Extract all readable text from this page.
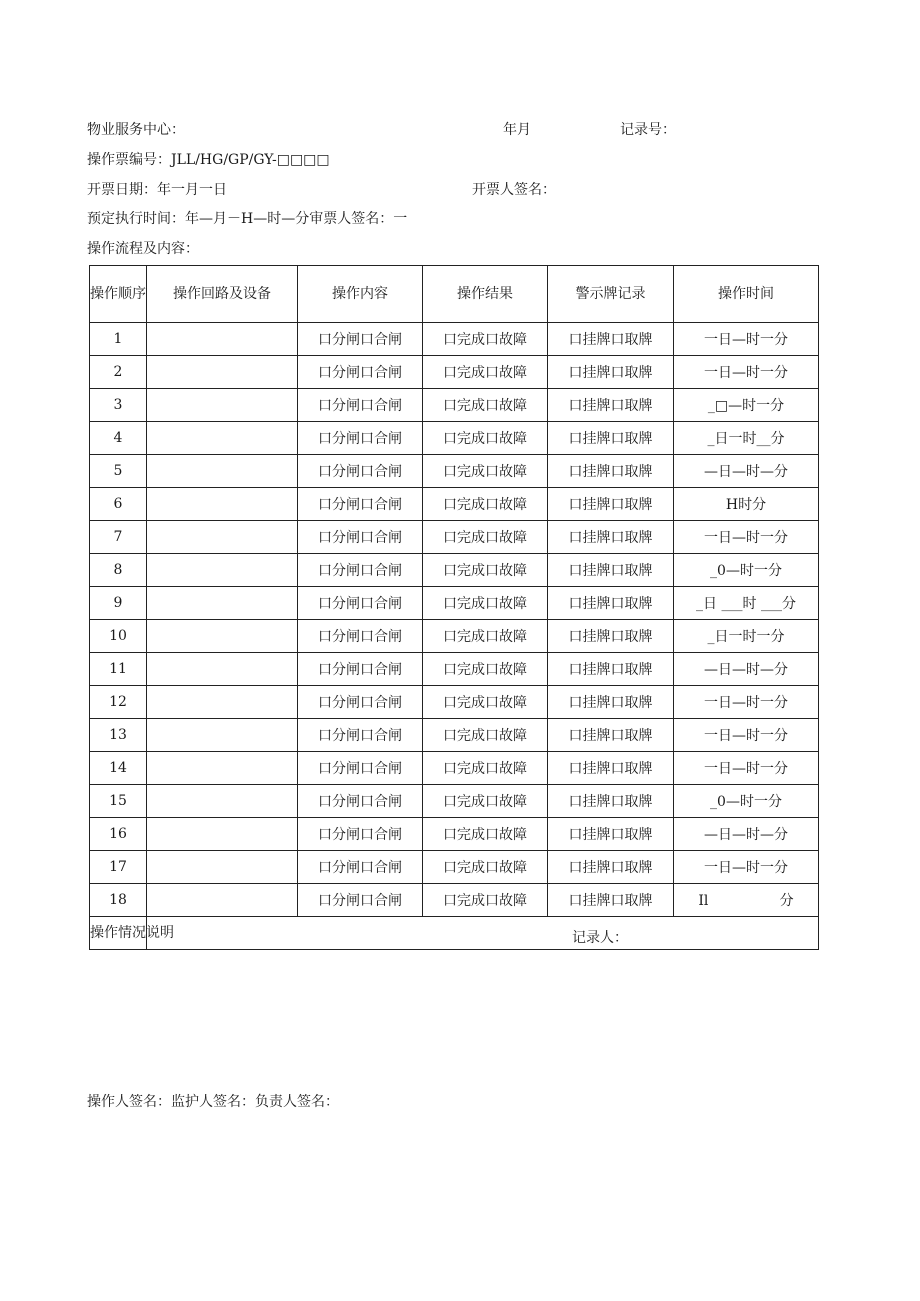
物业服务中心：	年月	记录号：
操作票编号：JLL/HG/GP/GY-□□□□
开票日期：年一月一日	开票人签名：
预定执行时间：年—月－H—时—分审票人签名：一
操作流程及内容：
操作顺序	操作回路及设备	操作内容	操作结果	警示牌记录	操作时间
1		口分闸口合闸	口完成口故障	口挂牌口取牌	一日—时一分
2		口分闸口合闸	口完成口故障	口挂牌口取牌	一日—时一分
3		口分闸口合闸	口完成口故障	口挂牌口取牌	_□—时一分
4		口分闸口合闸	口完成口故障	口挂牌口取牌	_日一时__分
5		口分闸口合闸	口完成口故障	口挂牌口取牌	—日—时—分
6		口分闸口合闸	口完成口故障	口挂牌口取牌	H时分
7		口分闸口合闸	口完成口故障	口挂牌口取牌	一日—时一分
8		口分闸口合闸	口完成口故障	口挂牌口取牌	_0—时一分
9		口分闸口合闸	口完成口故障	口挂牌口取牌	_日 ___时 ___分
10		口分闸口合闸	口完成口故障	口挂牌口取牌	_日一时一分
11		口分闸口合闸	口完成口故障	口挂牌口取牌	—日—时—分
12		口分闸口合闸	口完成口故障	口挂牌口取牌	一日—时一分
13		口分闸口合闸	口完成口故障	口挂牌口取牌	一日—时一分
14		口分闸口合闸	口完成口故障	口挂牌口取牌	一日—时一分
15		口分闸口合闸	口完成口故障	口挂牌口取牌	_0—时一分
16		口分闸口合闸	口完成口故障	口挂牌口取牌	—日—时—分
17		口分闸口合闸	口完成口故障	口挂牌口取牌	一日—时一分
18		口分闸口合闸	口完成口故障	口挂牌口取牌	Il                分
操作情况说明	记录人：				
操作人签名：监护人签名：负责人签名：
